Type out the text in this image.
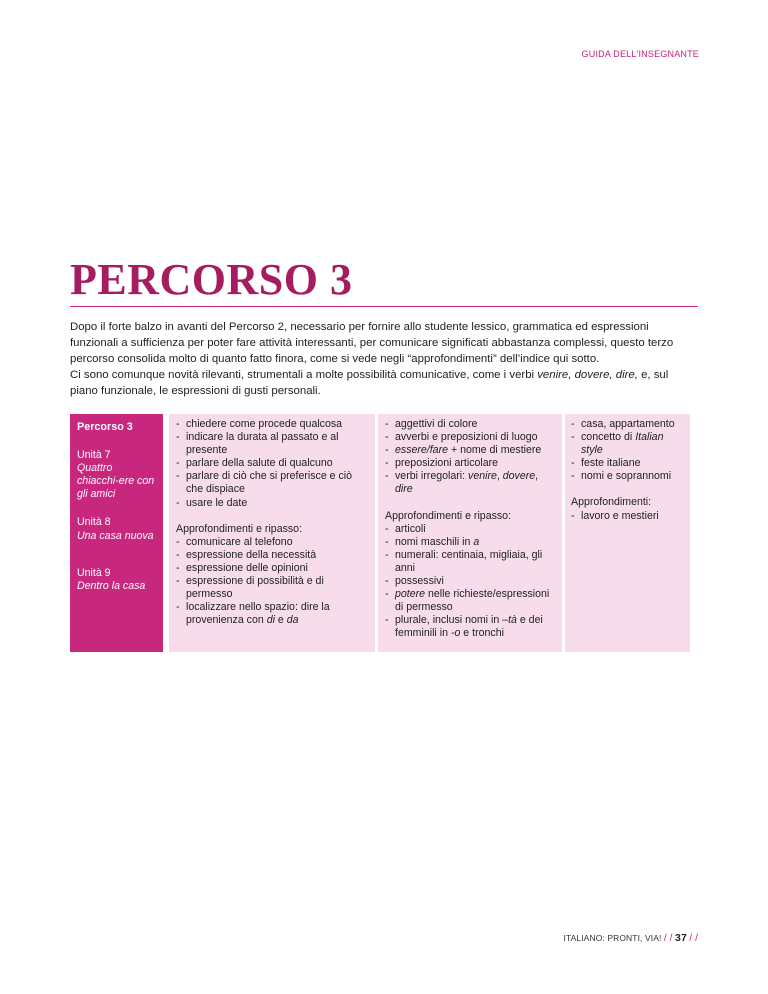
GUIDA DELL'INSEGNANTE
PERCORSO 3

Dopo il forte balzo in avanti del Percorso 2, necessario per fornire allo studente lessico, grammatica ed espressioni funzionali a sufficienza per poter fare attività interessanti, per comunicare significati abbastanza complessi, questo terzo percorso consolida molto di quanto fatto finora, come si vede negli “approfondimenti” dell’indice qui sotto.

Ci sono comunque novità rilevanti, strumentali a molte possibilità comunicative, come i verbi venire, dovere, dire, e, sul piano funzionale, le espressioni di gusti personali.

Percorso 3
Unità 7
Quattro chiacchi-ere con gli amici
Unità 8
Una casa nuova
Unità 9
Dentro la casa
- chiedere come procede qualcosa
- indicare la durata al passato e al presente
- parlare della salute di qualcuno
- parlare di ciò che si preferisce e ciò che dispiace
- usare le date
Approfondimenti e ripasso:
- comunicare al telefono
- espressione della necessità
- espressione delle opinioni
- espressione di possibilità e di permesso
- localizzare nello spazio: dire la provenienza con di e da
- aggettivi di colore
- avverbi e preposizioni di luogo
- essere/fare + nome di mestiere
- preposizioni articolare
- verbi irregolari: venire, dovere, dire
Approfondimenti e ripasso:
- articoli
- nomi maschili in a
- numerali: centinaia, migliaia, gli anni
- possessivi
- potere nelle richieste/espressioni di permesso
- plurale, inclusi nomi in –tà e dei femminili in -o e tronchi
- casa, appartamento
- concetto di Italian style
- feste italiane
- nomi e soprannomi
Approfondimenti:
- lavoro e mestieri
ITALIANO: PRONTI, VIA! / / 37 / /
